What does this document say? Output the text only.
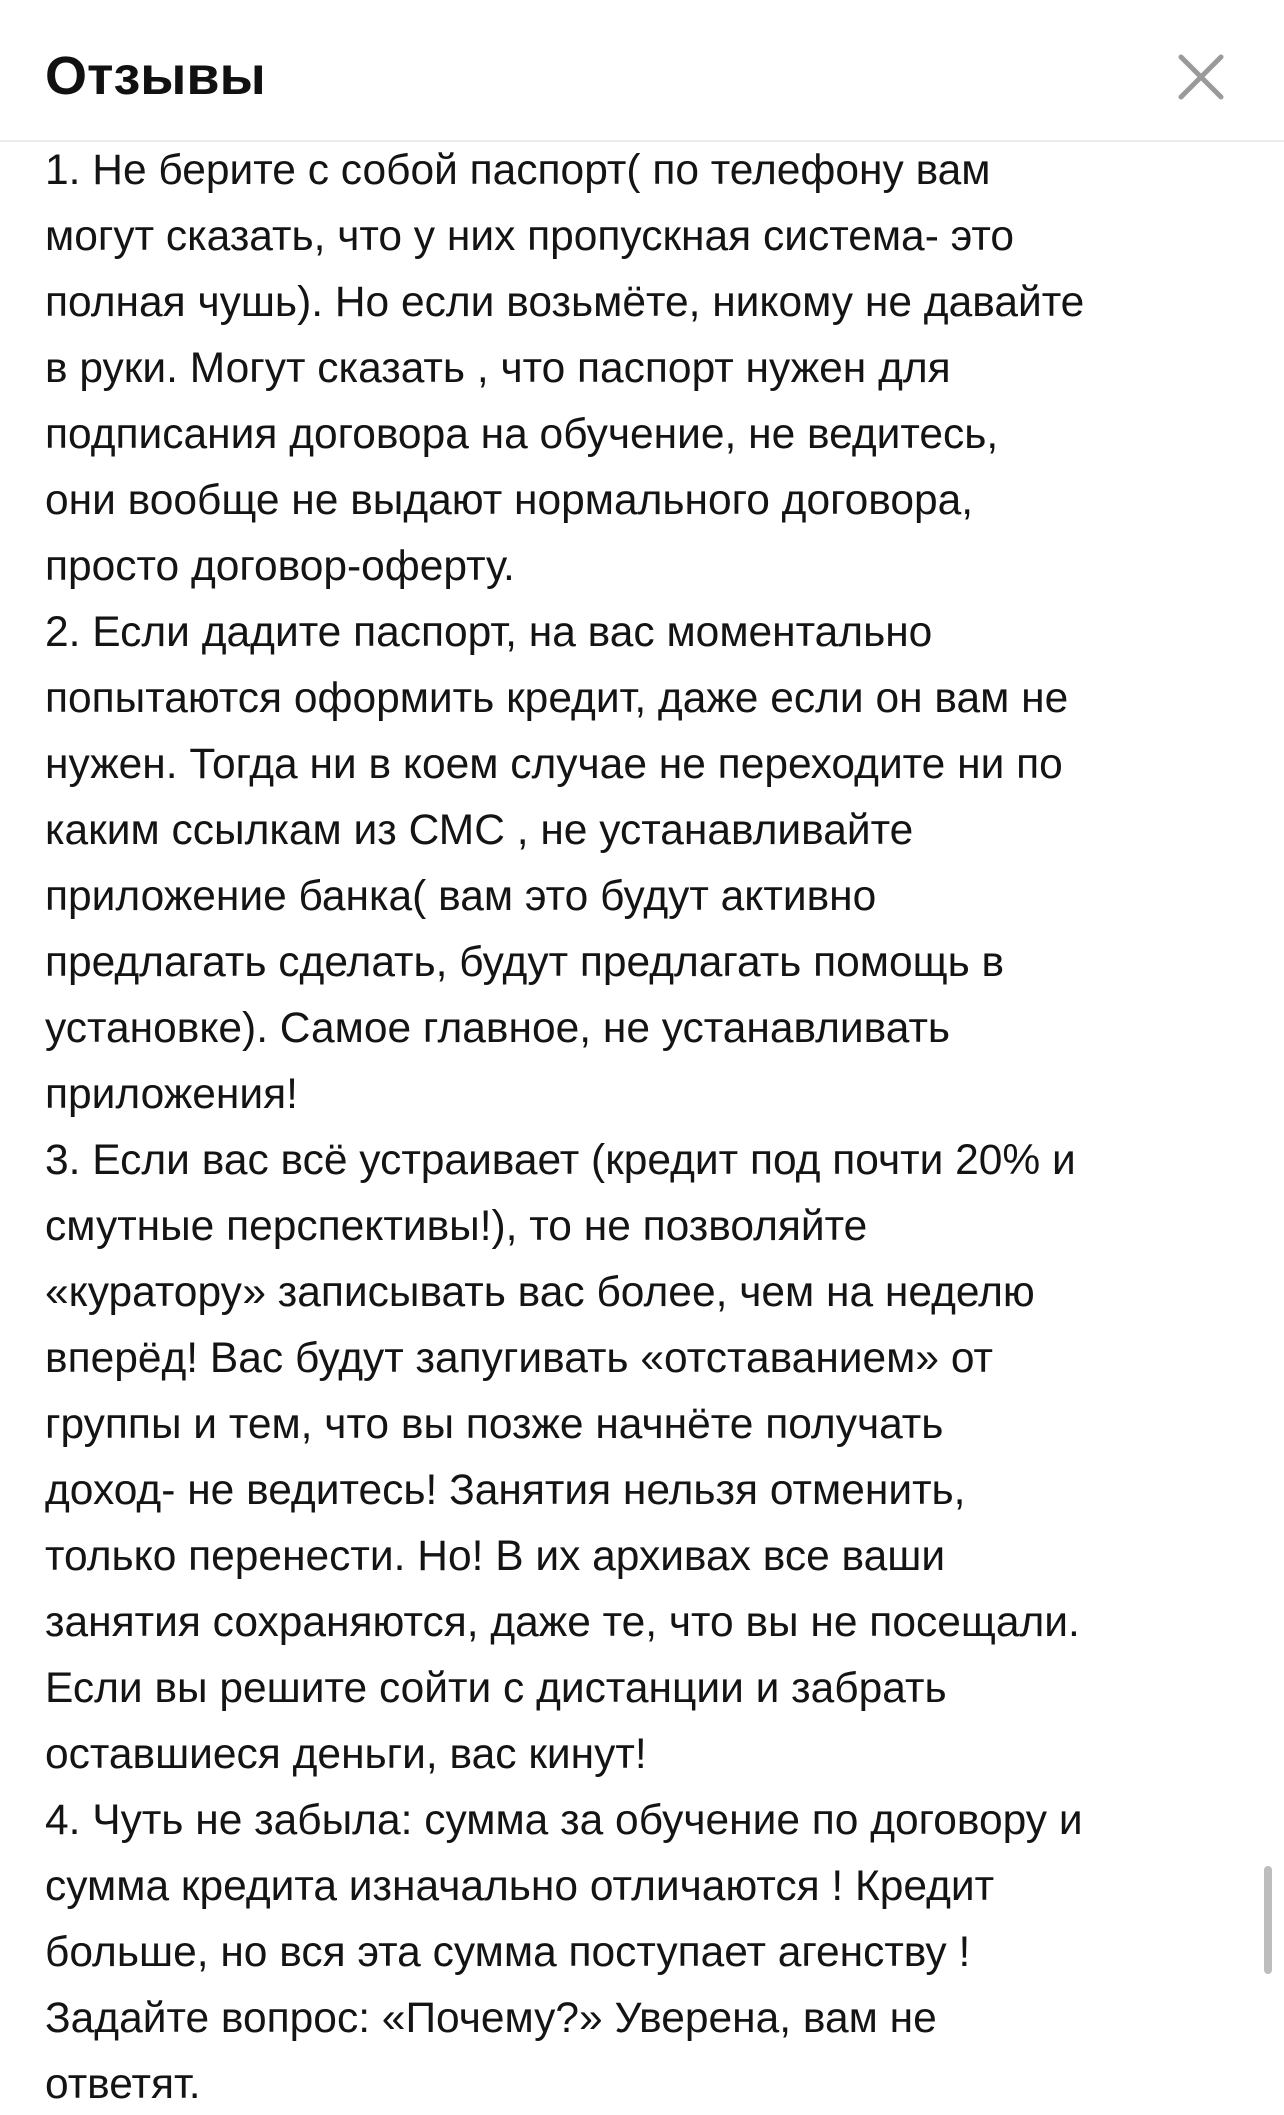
Отзывы

1. Не берите с собой паспорт( по телефону вам
могут сказать, что у них пропускная система- это
полная чушь). Но если возьмёте, никому не давайте
в руки. Могут сказать , что паспорт нужен для
подписания договора на обучение, не ведитесь,
они вообще не выдают нормального договора,
просто договор-оферту.
2. Если дадите паспорт, на вас моментально
попытаются оформить кредит, даже если он вам не
нужен. Тогда ни в коем случае не переходите ни по
каким ссылкам из СМС , не устанавливайте
приложение банка( вам это будут активно
предлагать сделать, будут предлагать помощь в
установке). Самое главное, не устанавливать
приложения!
3. Если вас всё устраивает (кредит под почти 20% и
смутные перспективы!), то не позволяйте
«куратору» записывать вас более, чем на неделю
вперёд! Вас будут запугивать «отставанием» от
группы и тем, что вы позже начнёте получать
доход- не ведитесь! Занятия нельзя отменить,
только перенести. Но! В их архивах все ваши
занятия сохраняются, даже те, что вы не посещали.
Если вы решите сойти с дистанции и забрать
оставшиеся деньги, вас кинут!
4. Чуть не забыла: сумма за обучение по договору и
сумма кредита изначально отличаются ! Кредит
больше, но вся эта сумма поступает агенству !
Задайте вопрос: «Почему?» Уверена, вам не
ответят.
